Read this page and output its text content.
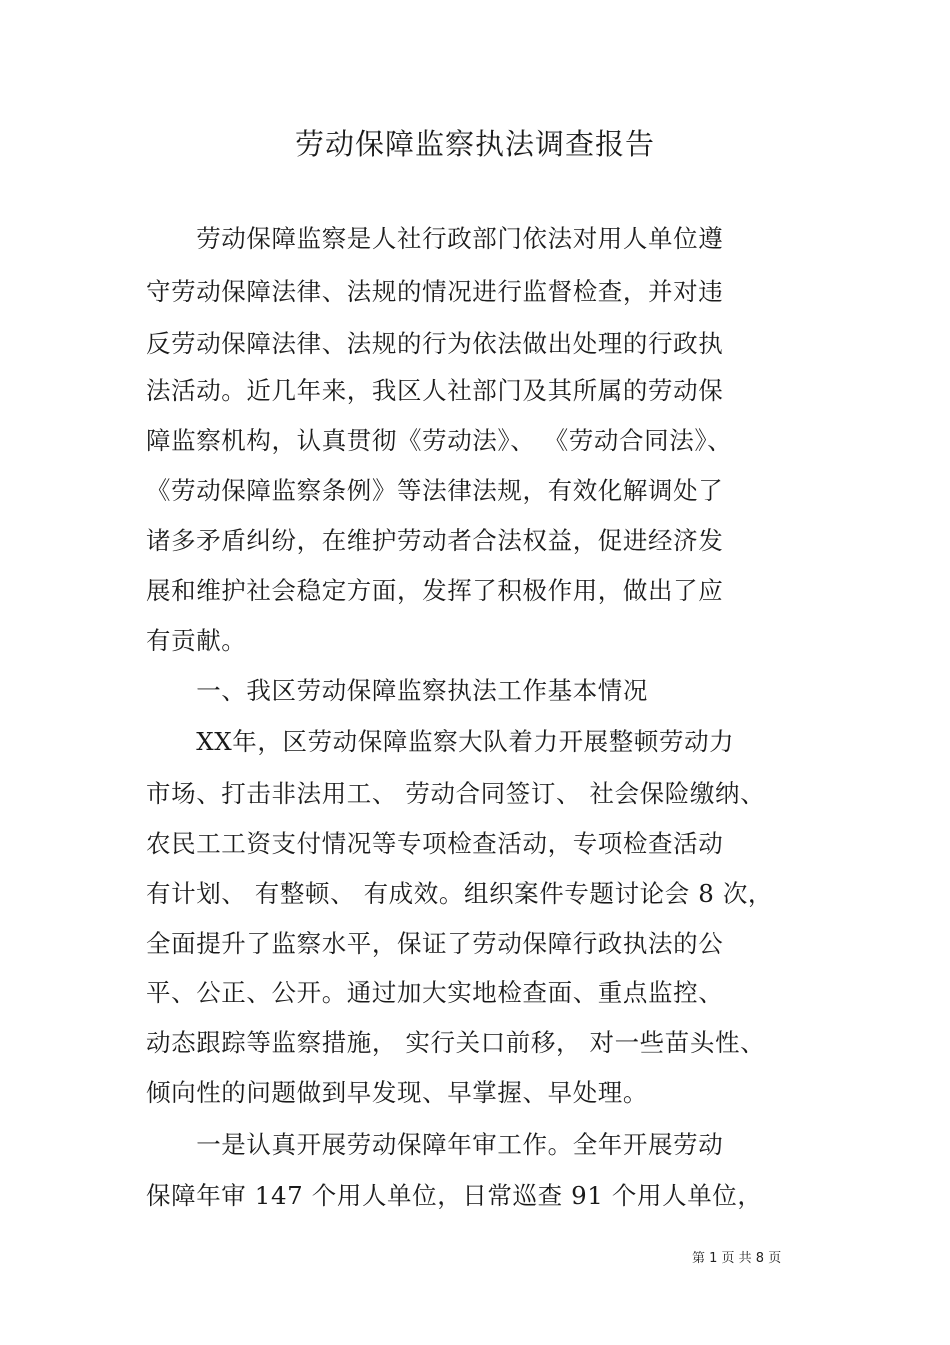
劳动保障监察执法调查报告
　　劳动保障监察是人社行政部门依法对用人单位遵
守劳动保障法律、法规的情况进行监督检查，并对违
反劳动保障法律、法规的行为依法做出处理的行政执
法活动。近几年来，我区人社部门及其所属的劳动保
障监察机构，认真贯彻《劳动法》、 《劳动合同法》、
《劳动保障监察条例》等法律法规，有效化解调处了
诸多矛盾纠纷，在维护劳动者合法权益，促进经济发
展和维护社会稳定方面，发挥了积极作用，做出了应
有贡献。
　　一、我区劳动保障监察执法工作基本情况
　　XX年，区劳动保障监察大队着力开展整顿劳动力
市场、打击非法用工、 劳动合同签订、 社会保险缴纳、
农民工工资支付情况等专项检查活动，专项检查活动
有计划、 有整顿、 有成效。组织案件专题讨论会 8 次，
全面提升了监察水平，保证了劳动保障行政执法的公
平、公正、公开。通过加大实地检查面、重点监控、
动态跟踪等监察措施， 实行关口前移， 对一些苗头性、
倾向性的问题做到早发现、早掌握、早处理。
　　一是认真开展劳动保障年审工作。全年开展劳动
保障年审 147 个用人单位，日常巡查 91 个用人单位，
第 1 页 共 8 页
